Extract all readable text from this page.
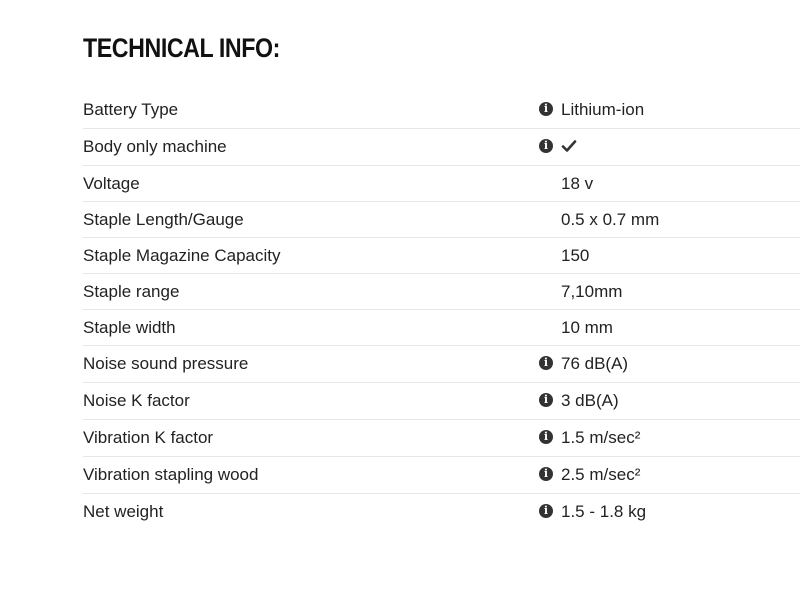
TECHNICAL INFO:
Battery Type	i Lithium-ion
Body only machine	i
Voltage	18 v
Staple Length/Gauge	0.5 x 0.7 mm
Staple Magazine Capacity	150
Staple range	7,10mm
Staple width	10 mm
Noise sound pressure	i 76 dB(A)
Noise K factor	i 3 dB(A)
Vibration K factor	i 1.5 m/sec²
Vibration stapling wood	i 2.5 m/sec²
Net weight	i 1.5 - 1.8 kg
